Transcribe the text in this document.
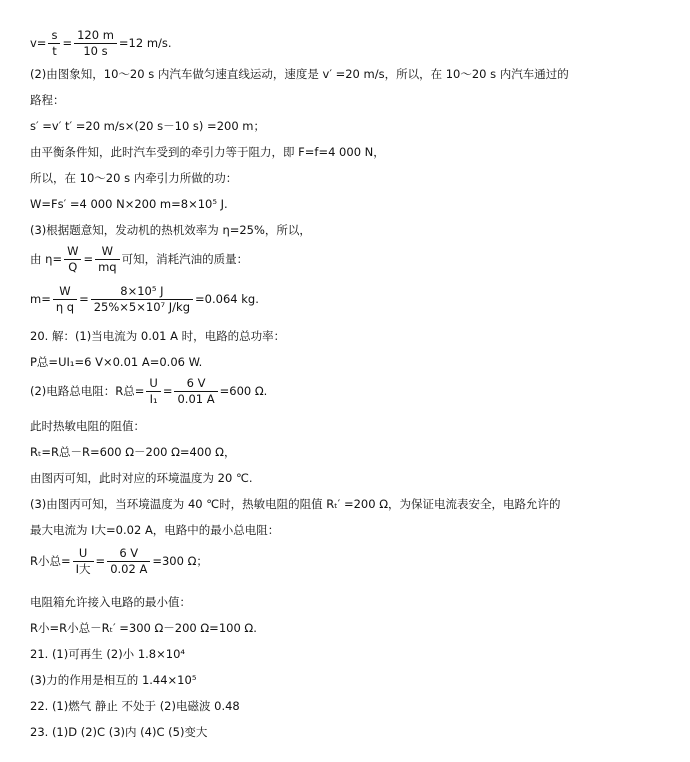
$v= \frac{s}{t} = \frac{120 m}{10 s} =12$ m/s.
(2)由图象知，10～20 s 内汽车做匀速直线运动，速度是 v′ =20 m/s，所以，在 10～20 s 内汽车通过的
路程：
s′ =v′ t′ =20 m/s×(20 s－10 s) =200 m；
由平衡条件知，此时汽车受到的牵引力等于阻力，即 F=f=4 000 N，
所以，在 10～20 s 内牵引力所做的功：
W=Fs′ =4 000 N×200 m=8×10⁵ J.
(3)根据题意知，发动机的热机效率为 η=25%，所以，
由 $\eta= \frac{W}{Q} = \frac{W}{mq}$ 可知，消耗汽油的质量：
$m= \frac{W}{\text{η q}} = \frac{\text{8×10⁵ J}}{\text{25\%×5×10⁷ J/kg}} =0.064$ kg.
20. 解：(1)当电流为 0.01 A 时，电路的总功率：
P总=UI₁=6 V×0.01 A=0.06 W.
(2)电路总电阻：R总= $\frac{U}{\text{I₁}} = \frac{6 V}{0.01 A} =600$ Ω.
此时热敏电阻的阻值：
Rₜ=R总－R=600 Ω－200 Ω=400 Ω，
由图丙可知，此时对应的环境温度为 20 ℃.
(3)由图丙可知，当环境温度为 40 ℃时，热敏电阻的阻值 Rₜ′ =200 Ω，为保证电流表安全，电路允许的
最大电流为 I大=0.02 A，电路中的最小总电阻：
R小总= $\frac{U}{\text{I大}} = \frac{6 V}{0.02 A} =300$ Ω；
电阻箱允许接入电路的最小值：
R小=R小总－Rₜ′ =300 Ω－200 Ω=100 Ω.
21. (1)可再生 (2)小 1.8×10⁴
(3)力的作用是相互的 1.44×10⁵
22. (1)燃气 静止 不处于 (2)电磁波 0.48
23. (1)D (2)C (3)内 (4)C (5)变大
